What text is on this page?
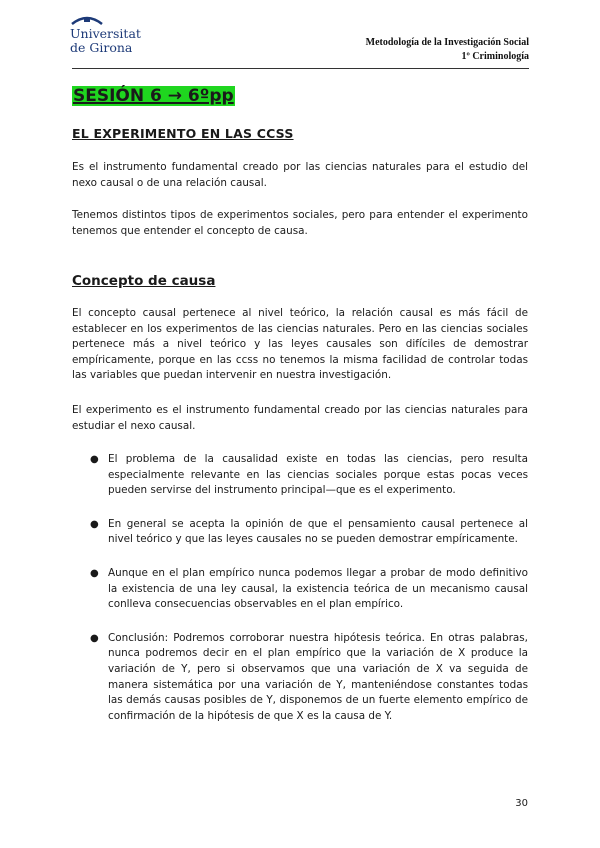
Universitat
de Girona	Metodología de la Investigación Social
1º Criminología
SESIÓN 6 → 6ºpp
EL EXPERIMENTO EN LAS CCSS
Es el instrumento fundamental creado por las ciencias naturales para el estudio del nexo causal o de una relación causal.
Tenemos distintos tipos de experimentos sociales, pero para entender el experimento tenemos que entender el concepto de causa.
Concepto de causa
El concepto causal pertenece al nivel teórico, la relación causal es más fácil de establecer en los experimentos de las ciencias naturales. Pero en las ciencias sociales pertenece más a nivel teórico y las leyes causales son difíciles de demostrar empíricamente, porque en las ccss no tenemos la misma facilidad de controlar todas las variables que puedan intervenir en nuestra investigación.
El experimento es el instrumento fundamental creado por las ciencias naturales para estudiar el nexo causal.
● El problema de la causalidad existe en todas las ciencias, pero resulta especialmente relevante en las ciencias sociales porque estas pocas veces pueden servirse del instrumento principal—que es el experimento.
● En general se acepta la opinión de que el pensamiento causal pertenece al nivel teórico y que las leyes causales no se pueden demostrar empíricamente.
● Aunque en el plan empírico nunca podemos llegar a probar de modo definitivo la existencia de una ley causal, la existencia teórica de un mecanismo causal conlleva consecuencias observables en el plan empírico.
● Conclusión: Podremos corroborar nuestra hipótesis teórica. En otras palabras, nunca podremos decir en el plan empírico que la variación de X produce la variación de Y, pero si observamos que una variación de X va seguida de manera sistemática por una variación de Y, manteniéndose constantes todas las demás causas posibles de Y, disponemos de un fuerte elemento empírico de confirmación de la hipótesis de que X es la causa de Y.
30
